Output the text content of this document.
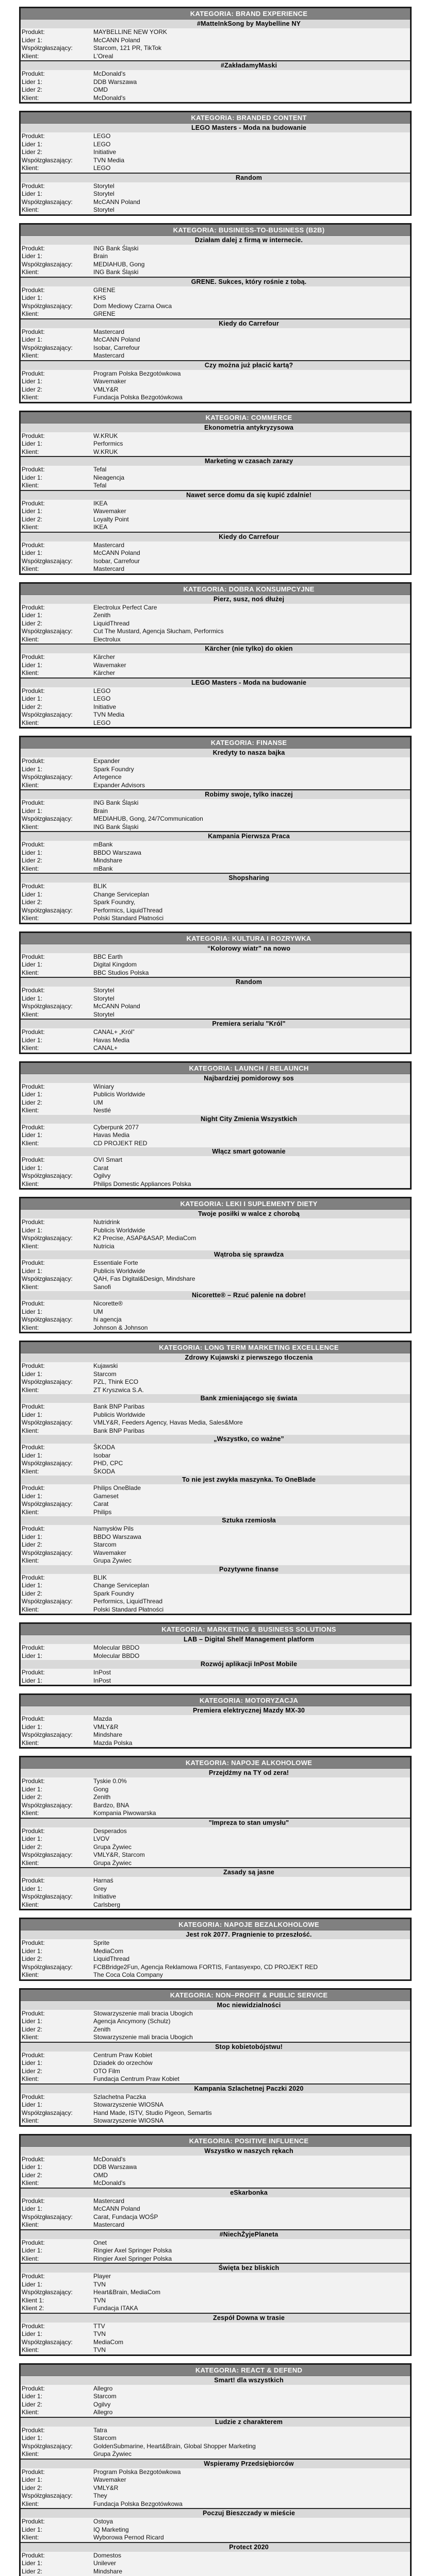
KATEGORIA: BRAND EXPERIENCE
#MatteInkSong by Maybelline NY
Produkt:	MAYBELLINE NEW YORK
Lider 1:	McCANN Poland
Współzgłaszający:	Starcom, 121 PR, TikTok
Klient:	L'Oreal
#ZakładamyMaski
Produkt:	McDonald's
Lider 1:	DDB Warszawa
Lider 2:	OMD
Klient:	McDonald's
KATEGORIA: BRANDED CONTENT
LEGO Masters - Moda na budowanie
Produkt:	LEGO
Lider 1:	LEGO
Lider 2:	Initiative
Współzgłaszający:	TVN Media
Klient:	LEGO
Random
Produkt:	Storytel
Lider 1:	Storytel
Współzgłaszający:	McCANN Poland
Klient:	Storytel
KATEGORIA: BUSINESS-TO-BUSINESS (B2B)
Działam dalej z firmą w internecie.
Produkt:	ING Bank Śląski
Lider 1:	Brain
Współzgłaszający:	MEDIAHUB, Gong
Klient:	ING Bank Śląski
GRENE. Sukces, który rośnie z tobą.
Produkt:	GRENE
Lider 1:	KHS
Współzgłaszający:	Dom Mediowy Czarna Owca
Klient:	GRENE
Kiedy do Carrefour
Produkt:	Mastercard
Lider 1:	McCANN Poland
Współzgłaszający:	Isobar, Carrefour
Klient:	Mastercard
Czy można już płacić kartą?
Produkt:	Program Polska Bezgotówkowa
Lider 1:	Wavemaker
Lider 2:	VMLY&R
Klient:	Fundacja Polska Bezgotówkowa
KATEGORIA: COMMERCE
Ekonometria antykryzysowa
Produkt:	W.KRUK
Lider 1:	Performics
Klient:	W.KRUK
Marketing w czasach zarazy
Produkt:	Tefal
Lider 1:	Nieagencja
Klient:	Tefal
Nawet serce domu da się kupić zdalnie!
Produkt:	IKEA
Lider 1:	Wavemaker
Lider 2:	Loyalty Point
Klient:	IKEA
Kiedy do Carrefour
Produkt:	Mastercard
Lider 1:	McCANN Poland
Współzgłaszający:	Isobar, Carrefour
Klient:	Mastercard
KATEGORIA: DOBRA KONSUMPCYJNE
Pierz, susz, noś dłużej
Produkt:	Electrolux Perfect Care
Lider 1:	Zenith
Lider 2:	LiquidThread
Współzgłaszający:	Cut The Mustard, Agencja Słucham, Performics
Klient:	Electrolux
Kärcher (nie tylko) do okien
Produkt:	Kärcher
Lider 1:	Wavemaker
Klient:	Kärcher
LEGO Masters - Moda na budowanie
Produkt:	LEGO
Lider 1:	LEGO
Lider 2:	Initiative
Współzgłaszający:	TVN Media
Klient:	LEGO
KATEGORIA: FINANSE
Kredyty to nasza bajka
Produkt:	Expander
Lider 1:	Spark Foundry
Współzgłaszający:	Artegence
Klient:	Expander Advisors
Robimy swoje, tylko inaczej
Produkt:	ING Bank Śląski
Lider 1:	Brain
Współzgłaszający:	MEDIAHUB, Gong, 24/7Communication
Klient:	ING Bank Śląski
Kampania Pierwsza Praca
Produkt:	mBank
Lider 1:	BBDO Warszawa
Lider 2:	Mindshare
Klient:	mBank
Shopsharing
Produkt:	BLIK
Lider 1:	Change Serviceplan
Lider 2:	Spark Foundry,
Współzgłaszający:	Performics, LiquidThread
Klient:	Polski Standard Płatności
KATEGORIA: KULTURA I ROZRYWKA
“Kolorowy wiatr” na nowo
Produkt:	BBC Earth
Lider 1:	Digital Kingdom
Klient:	BBC Studios Polska
Random
Produkt:	Storytel
Lider 1:	Storytel
Współzgłaszający:	McCANN Poland
Klient:	Storytel
Premiera serialu "Król"
Produkt:	CANAL+ „Król”
Lider 1:	Havas Media
Klient:	CANAL+
KATEGORIA: LAUNCH / RELAUNCH
Najbardziej pomidorowy sos
Produkt:	Winiary
Lider 1:	Publicis Worldwide
Lider 2:	UM
Klient:	Nestlé
Night City Zmienia Wszystkich
Produkt:	Cyberpunk 2077
Lider 1:	Havas Media
Klient:	CD PROJEKT RED
Włącz smart gotowanie
Produkt:	OVI Smart
Lider 1:	Carat
Współzgłaszający:	Ogilvy
Klient:	Philips Domestic Appliances Polska
KATEGORIA: LEKI I SUPLEMENTY DIETY
Twoje posiłki w walce z chorobą
Produkt:	Nutridrink
Lider 1:	Publicis Worldwide
Współzgłaszający:	K2 Precise, ASAP&ASAP, MediaCom
Klient:	Nutricia
Wątroba się sprawdza
Produkt:	Essentiale Forte
Lider 1:	Publicis Worldwide
Współzgłaszający:	QAH, Fas Digital&Design, Mindshare
Klient:	Sanofi
Nicorette® – Rzuć palenie na dobre!
Produkt:	Nicorette®
Lider 1:	UM
Współzgłaszający:	hi agencja
Klient:	Johnson & Johnson
KATEGORIA: LONG TERM MARKETING EXCELLENCE
Zdrowy Kujawski z pierwszego tłoczenia
Produkt:	Kujawski
Lider 1:	Starcom
Współzgłaszający:	PZL, Think ECO
Klient:	ZT Kryszwica S.A.
Bank zmieniającego się świata
Produkt:	Bank BNP Paribas
Lider 1:	Publicis Worldwide
Współzgłaszający:	VMLY&R, Feeders Agency, Havas Media, Sales&More
Klient:	Bank BNP Paribas
„Wszystko, co ważne”
Produkt:	ŠKODA
Lider 1:	Isobar
Współzgłaszający:	PHD, CPC
Klient:	ŠKODA
To nie jest zwykła maszynka. To OneBlade
Produkt:	Philips OneBlade
Lider 1:	Gameset
Współzgłaszający:	Carat
Klient:	Philips
Sztuka rzemiosła
Produkt:	Namysłów Pils
Lider 1:	BBDO Warszawa
Lider 2:	Starcom
Współzgłaszający:	Wavemaker
Klient:	Grupa Żywiec
Pozytywne finanse
Produkt:	BLIK
Lider 1:	Change Serviceplan
Lider 2:	Spark Foundry
Współzgłaszający:	Performics, LiquidThread
Klient:	Polski Standard Płatności
KATEGORIA: MARKETING & BUSINESS SOLUTIONS
LAB – Digital Shelf Management platform
Produkt:	Molecular BBDO
Lider 1:	Molecular BBDO
Rozwój aplikacji InPost Mobile
Produkt:	InPost
Lider 1:	InPost
KATEGORIA: MOTORYZACJA
Premiera elektrycznej Mazdy MX-30
Produkt:	Mazda
Lider 1:	VMLY&R
Współzgłaszający:	Mindshare
Klient:	Mazda Polska
KATEGORIA: NAPOJE ALKOHOLOWE
Przejdźmy na TY od zera!
Produkt:	Tyskie 0.0%
Lider 1:	Gong
Lider 2:	Zenith
Współzgłaszający:	Bardzo, BNA
Klient:	Kompania Piwowarska
"Impreza to stan umysłu"
Produkt:	Desperados
Lider 1:	LVOV
Lider 2:	Grupa Żywiec
Współzgłaszający:	VMLY&R, Starcom
Klient:	Grupa Żywiec
Zasady są jasne
Produkt:	Harnaś
Lider 1:	Grey
Współzgłaszający:	Initiative
Klient:	Carlsberg
KATEGORIA: NAPOJE BEZALKOHOLOWE
Jest rok 2077. Pragnienie to przeszłość.
Produkt:	Sprite
Lider 1:	MediaCom
Lider 2:	LiquidThread
Współzgłaszający:	FCBBridge2Fun, Agencja Reklamowa FORTIS, Fantasyexpo, CD PROJEKT RED
Klient:	The Coca Cola Company
KATEGORIA: NON–PROFIT & PUBLIC SERVICE
Moc niewidzialności
Produkt:	Stowarzyszenie mali bracia Ubogich
Lider 1:	Agencja Ancymony (Schulz)
Lider 2:	Zenith
Klient:	Stowarzyszenie mali bracia Ubogich
Stop kobietobójstwu!
Produkt:	Centrum Praw Kobiet
Lider 1:	Dziadek do orzechów
Lider 2:	OTO Film
Klient:	Fundacja Centrum Praw Kobiet
Kampania Szlachetnej Paczki 2020
Produkt:	Szlachetna Paczka
Lider 1:	Stowarzyszenie WIOSNA
Współzgłaszający:	Hand Made, ISTV, Studio Pigeon, Semartis
Klient:	Stowarzyszenie WIOSNA
KATEGORIA: POSITIVE INFLUENCE
Wszystko w naszych rękach
Produkt:	McDonald's
Lider 1:	DDB Warszawa
Lider 2:	OMD
Klient:	McDonald's
eSkarbonka
Produkt:	Mastercard
Lider 1:	McCANN Poland
Współzgłaszający:	Carat, Fundacja WOŚP
Klient:	Mastercard
#NiechŻyjePlaneta
Produkt:	Onet
Lider 1:	Ringier Axel Springer Polska
Klient:	Ringier Axel Springer Polska
Święta bez bliskich
Produkt:	Player
Lider 1:	TVN
Współzgłaszający:	Heart&Brain, MediaCom
Klient 1:	TVN
Klient 2:	Fundacja ITAKA
Zespół Downa w trasie
Produkt:	TTV
Lider 1:	TVN
Współzgłaszający:	MediaCom
Klient:	TVN
KATEGORIA: REACT & DEFEND
Smart! dla wszystkich
Produkt:	Allegro
Lider 1:	Starcom
Lider 2:	Ogilvy
Klient:	Allegro
Ludzie z charakterem
Produkt:	Tatra
Lider 1:	Starcom
Współzgłaszający:	GoldenSubmarine, Heart&Brain, Global Shopper Marketing
Klient:	Grupa Żywiec
Wspieramy Przedsiębiorców
Produkt:	Program Polska Bezgotówkowa
Lider 1:	Wavemaker
Lider 2:	VMLY&R
Współzgłaszający:	They
Klient:	Fundacja Polska Bezgotówkowa
Poczuj Bieszczady w mieście
Produkt:	Ostoya
Lider 1:	IQ Marketing
Klient:	Wyborowa Pernod Ricard
Protect 2020
Produkt:	Domestos
Lider 1:	Unilever
Lider 2:	Mindshare
